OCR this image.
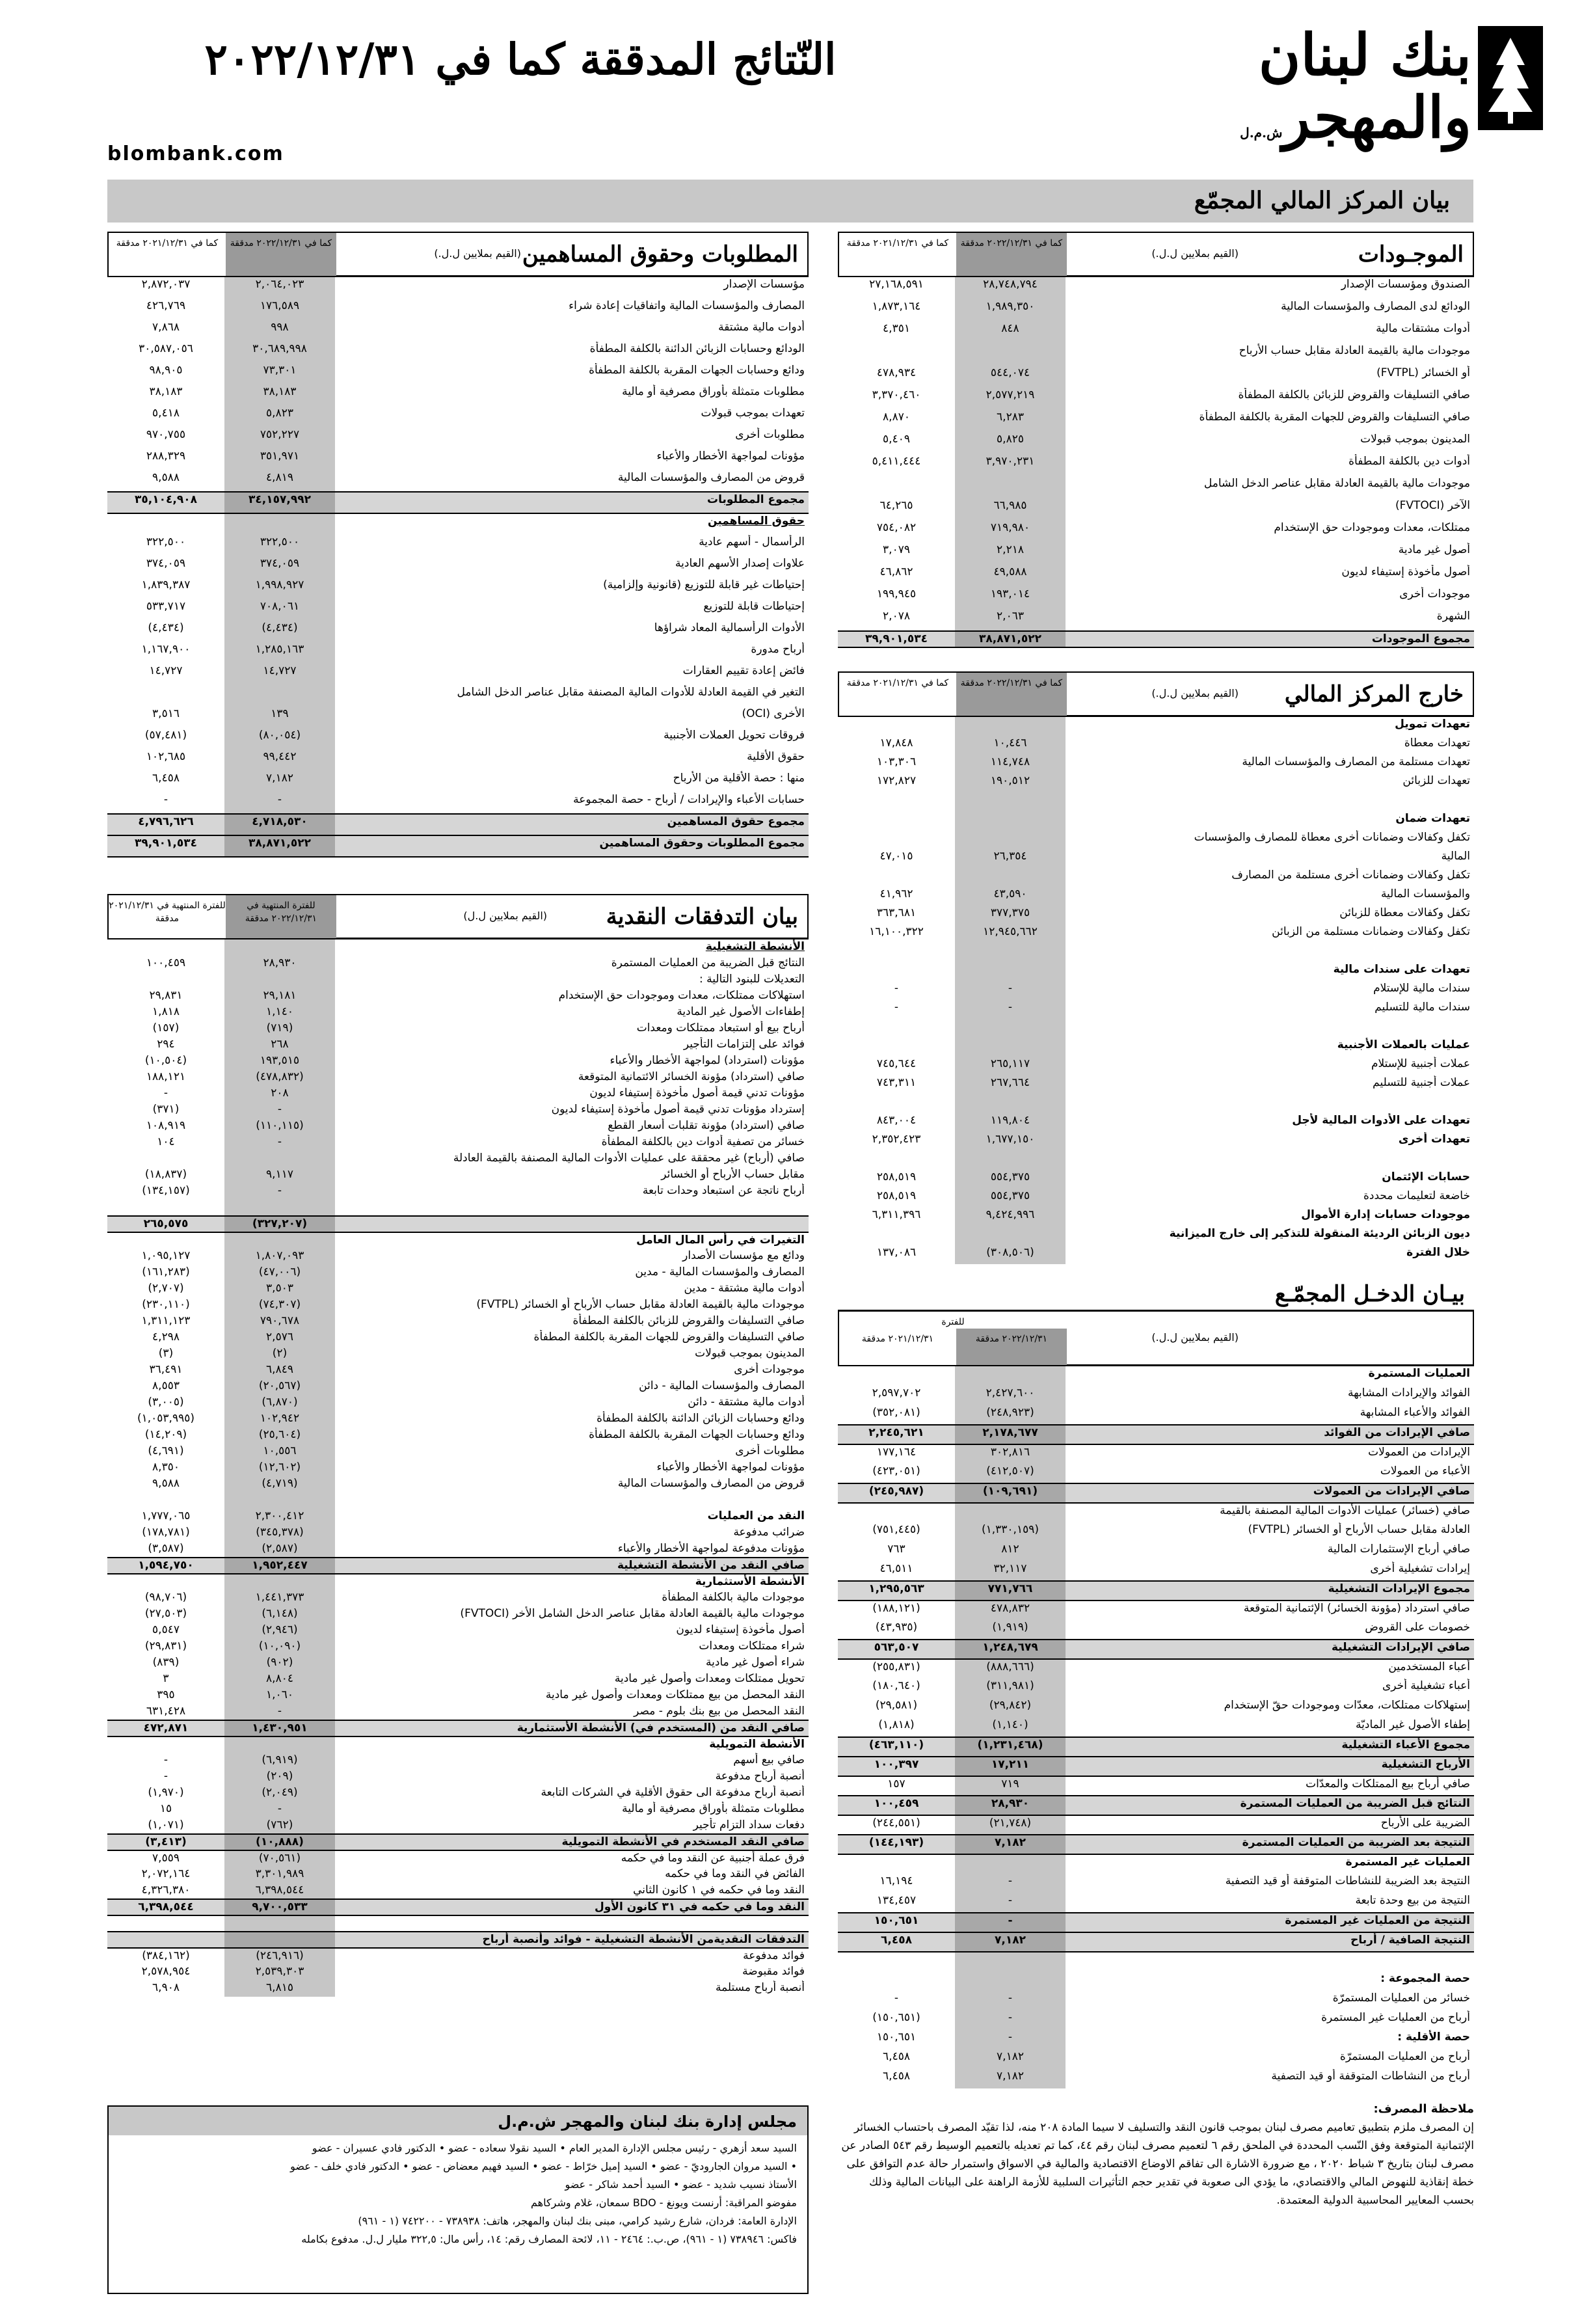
بنك لبنان
والمهجرش.م.ل
النّتائج المدققة كما في ٢٠٢٢/١٢/٣١
blombank.com
بيان المركز المالي المجمّع
الموجـودات
(القيم بملايين ل.ل.)
كما في ٢٠٢٢/١٢/٣١ مدققة
كما في ٢٠٢١/١٢/٣١ مدققة
الصندوق ومؤسسات الإصدار	٢٨,٧٤٨,٧٩٤	٢٧,١٦٨,٥٩١
الودائع لدى المصارف والمؤسسات المالية	١,٩٨٩,٣٥٠	١,٨٧٣,١٦٤
أدوات مشتقات مالية	٨٤٨	٤,٣٥١
موجودات مالية بالقيمة العادلة مقابل حساب الأرباح		
أو الخسائر (FVTPL)	٥٤٤,٠٧٤	٤٧٨,٩٣٤
صافي التسليفات والقروض للزبائن بالكلفة المطفأة	٢,٥٧٧,٢١٩	٣,٣٧٠,٤٦٠
صافي التسليفات والقروض للجهات المقربة بالكلفة المطفأة	٦,٢٨٣	٨,٨٧٠
المدينون بموجب قبولات	٥,٨٢٥	٥,٤٠٩
أدوات دين بالكلفة المطفأة	٣,٩٧٠,٢٣١	٥,٤١١,٤٤٤
موجودات مالية بالقيمة العادلة مقابل عناصر الدخل الشامل		
الآخر (FVTOCI)	٦٦,٩٨٥	٦٤,٢٦٥
ممتلكات، معدات وموجودات حق الإستخدام	٧١٩,٩٨٠	٧٥٤,٠٨٢
أصول غير مادية	٢,٢١٨	٣,٠٧٩
أصول مأخوذة إستيفاء لديون	٤٩,٥٨٨	٤٦,٨٦٢
موجودات أخرى	١٩٣,٠١٤	١٩٩,٩٤٥
الشهرة	٢,٠٦٣	٢,٠٧٨
مجموع الموجودات	٣٨,٨٧١,٥٢٢	٣٩,٩٠١,٥٣٤
خارج المركز المالي
(القيم بملايين ل.ل.)
كما في ٢٠٢٢/١٢/٣١ مدققة
كما في ٢٠٢١/١٢/٣١ مدققة
تعهدات تمويل		
تعهدات معطاة	١٠,٤٤٦	١٧,٨٤٨
تعهدات مستلمة من المصارف والمؤسسات المالية	١١٤,٧٤٨	١٠٣,٣٠٦
تعهدات للزبائن	١٩٠,٥١٢	١٧٢,٨٢٧

تعهدات ضمان		
تكفل وكفالات وضمانات أخرى معطاة للمصارف والمؤسسات		
المالية	٢٦,٣٥٤	٤٧,٠١٥
تكفل وكفالات وضمانات أخرى مستلمة من المصارف		
والمؤسسات المالية	٤٣,٥٩٠	٤١,٩٦٢
تكفل وكفالات معطاة للزبائن	٣٧٧,٣٧٥	٣٦٣,٦٨١
تكفل وكفالات وضمانات مستلمة من الزبائن	١٢,٩٤٥,٦٦٢	١٦,١٠٠,٣٢٢

تعهدات على سندات مالية		
سندات مالية للإستلام	-	-
سندات مالية للتسليم	-	-

عمليات بالعملات الأجنبية		
عملات أجنبية للإستلام	٢٦٥,١١٧	٧٤٥,٦٤٤
عملات أجنبية للتسليم	٢٦٧,٦٦٤	٧٤٣,٣١١

تعهدات على الأدوات المالية لأجل	١١٩,٨٠٤	٨٤٣,٠٠٤
تعهدات أخرى	١,٦٧٧,١٥٠	٢,٣٥٢,٤٢٣

حسابات الإئتمان	٥٥٤,٣٧٥	٢٥٨,٥١٩
خاضعة لتعليمات محددة	٥٥٤,٣٧٥	٢٥٨,٥١٩
موجودات حسابات إدارة الأموال	٩,٤٢٤,٩٩٦	٦,٣١١,٣٩٦
ديون الزبائن الرديئة المنقولة للتذكير إلى خارج الميزانية		
خلال الفترة	(٣٠٨,٥٠٦)	١٣٧,٠٨٦
بيـان الدخـل المجمّـع
(القيم بملايين ل.ل.)
للفترة
٢٠٢٢/١٢/٣١ مدققة
٢٠٢١/١٢/٣١ مدققة
العمليات المستمرة		
الفوائد والإيرادات المشابهة	٢,٤٢٧,٦٠٠	٢,٥٩٧,٧٠٢
الفوائد والأعباء المشابهة	(٢٤٨,٩٢٣)	(٣٥٢,٠٨١)
صافي الإيرادات من الفوائد	٢,١٧٨,٦٧٧	٢,٢٤٥,٦٢١
الإيرادات من العمولات	٣٠٢,٨١٦	١٧٧,١٦٤
الأعباء من العمولات	(٤١٢,٥٠٧)	(٤٢٣,٠٥١)
صافي الإيرادات من العمولات	(١٠٩,٦٩١)	(٢٤٥,٩٨٧)
صافي (خسائر) عمليات الأدوات المالية المصنفة بالقيمة		
العادلة مقابل حساب الأرباح أو الخسائر (FVTPL)	(١,٣٣٠,١٥٩)	(٧٥١,٤٤٥)
صافي أرباح الإستثمارات المالية	٨١٢	٧٦٣
إيرادات تشغيلية أخرى	٣٢,١١٧	٤٦,٥١١
مجموع الإيرادات التشغيلية	٧٧١,٧٦٦	١,٢٩٥,٥٦٣
صافي استرداد (مؤونة الخسائر) الإئتمانية المتوقعة	٤٧٨,٨٣٢	(١٨٨,١٢١)
خصومات على القروض	(١,٩١٩)	(٤٣,٩٣٥)
صافي الإيرادات التشغيلية	١,٢٤٨,٦٧٩	٥٦٣,٥٠٧
أعباء المستخدمين	(٨٨٨,٦٦٦)	(٢٥٥,٨٣١)
أعباء تشغيلية أخرى	(٣١١,٩٨١)	(١٨٠,٦٤٠)
إستهلاكات ممتلكات، معدّات وموجودات حقّ الإستخدام	(٢٩,٨٤٢)	(٢٩,٥٨١)
إطفاء الأصول غير الماديّة	(١,١٤٠)	(١,٨١٨)
مجموع الأعباء التشغيلية	(١,٢٣١,٤٦٨)	(٤٦٣,١١٠)
الأرباح التشغيلية	١٧,٢١١	١٠٠,٣٩٧
صافي أرباح بيع الممتلكات والمعدّات	٧١٩	١٥٧
النتائج قبل الضريبة من العمليات المستمرة	٢٨,٩٣٠	١٠٠,٤٥٩
الضريبة على الأرباح	(٢١,٧٤٨)	(٢٤٤,٥٥١)
النتيجة بعد الضريبة من العمليات المستمرة	٧,١٨٢	(١٤٤,١٩٣)
العمليات غير المستمرة		
النتيجة بعد الضريبة للنشاطات المتوقفة أو قيد التصفية	-	١٦,١٩٤
النتيجة من بيع وحدة تابعة	-	١٣٤,٤٥٧
النتيجة من العمليات غير المستمرة	-	١٥٠,٦٥١
النتيجة الصافية / أرباح	٧,١٨٢	٦,٤٥٨

حصة المجموعة :		
خسائر من العمليات المستمرّة	-	-
أرباح من العمليات غير المستمرة	-	(١٥٠,٦٥١)
حصة الأقلية :	-	١٥٠,٦٥١
أرباح من العمليات المستمرّة	٧,١٨٢	٦,٤٥٨
أرباح من النشاطات المتوقفة أو قيد التصفية	٧,١٨٢	٦,٤٥٨
المطلوبات وحقوق المساهمين
(القيم بملايين ل.ل.)
كما في ٢٠٢٢/١٢/٣١ مدققة
كما في ٢٠٢١/١٢/٣١ مدققة
مؤسسات الإصدار	٢,٠٦٤,٠٢٣	٢,٨٧٢,٠٣٧
المصارف والمؤسسات المالية واتفاقيات إعادة شراء	١٧٦,٥٨٩	٤٢٦,٧٦٩
أدوات مالية مشتقة	٩٩٨	٧,٨٦٨
الودائع وحسابات الزبائن الدائنة بالكلفة المطفأة	٣٠,٦٨٩,٩٩٨	٣٠,٥٨٧,٠٥٦
ودائع وحسابات الجهات المقربة بالكلفة المطفأة	٧٣,٣٠١	٩٨,٩٠٥
مطلوبات متمثلة بأوراق مصرفية أو مالية	٣٨,١٨٣	٣٨,١٨٣
تعهدات بموجب قبولات	٥,٨٢٣	٥,٤١٨
مطلوبات أخرى	٧٥٢,٢٢٧	٩٧٠,٧٥٥
مؤونات لمواجهة الأخطار والأعباء	٣٥١,٩٧١	٢٨٨,٣٢٩
قروض من المصارف والمؤسسات المالية	٤,٨١٩	٩,٥٨٨
مجموع المطلوبات	٣٤,١٥٧,٩٩٢	٣٥,١٠٤,٩٠٨
حقوق المساهمين		
الرأسمال - أسهم عادية	٣٢٢,٥٠٠	٣٢٢,٥٠٠
علاوات إصدار الأسهم العادية	٣٧٤,٠٥٩	٣٧٤,٠٥٩
إحتياطات غير قابلة للتوزيع (قانونية وإلزامية)	١,٩٩٨,٩٢٧	١,٨٣٩,٣٨٧
إحتياطات قابلة للتوزيع	٧٠٨,٠٦١	٥٣٣,٧١٧
الأدوات الرأسمالية المعاد شراؤها	(٤,٤٣٤)	(٤,٤٣٤)
أرباح مدورة	١,٢٨٥,١٦٣	١,١٦٧,٩٠٠
فائض إعادة تقييم العقارات	١٤,٧٢٧	١٤,٧٢٧
التغير في القيمة العادلة للأدوات المالية المصنفة مقابل عناصر الدخل الشامل		
الأخرى (OCI)	١٣٩	٣,٥١٦
فروقات تحويل العملات الأجنبية	(٨٠,٠٥٤)	(٥٧,٤٨١)
حقوق الأقلية	٩٩,٤٤٢	١٠٢,٦٨٥
منها : حصة الأقلية من الأرباح	٧,١٨٢	٦,٤٥٨
حسابات الأعباء والإيرادات / أرباح - حصة المجموعة	-	-
مجموع حقوق المساهمين	٤,٧١٨,٥٣٠	٤,٧٩٦,٦٢٦
مجموع المطلوبات وحقوق المساهمين	٣٨,٨٧١,٥٢٢	٣٩,٩٠١,٥٣٤
بيان التدفقات النقدية
(القيم بملايين ل.ل)
للفترة المنتهية في ٢٠٢٢/١٢/٣١ مدققة
للفترة المنتهية في ٢٠٢١/١٢/٣١ مدققة
الأنشطة التشغيلية		
النتائج قبل الضريبة من العمليات المستمرة	٢٨,٩٣٠	١٠٠,٤٥٩
التعديلات للبنود التالية :		
استهلاكات ممتلكات، معدات وموجودات حق الإستخدام	٢٩,١٨١	٢٩,٨٣١
إطفاءات الأصول غير المادية	١,١٤٠	١,٨١٨
أرباح بيع أو استبعاد ممتلكات ومعدات	(٧١٩)	(١٥٧)
فوائد على إلتزامات التأجير	٢٦٨	٢٩٤
مؤونات (استرداد) لمواجهة الأخطار والأعباء	١٩٣,٥١٥	(١٠,٥٠٤)
صافي (استرداد) مؤونة الخسائر الائتمانية المتوقعة	(٤٧٨,٨٣٢)	١٨٨,١٢١
مؤونات تدني قيمة أصول مأخوذة إستيفاء لديون	٢٠٨	-
إسترداد مؤونات تدني قيمة أصول مأخوذة إستيفاء لديون	-	(٣٧١)
صافي (استرداد) مؤونة تقلبات أسعار القطع	(١١٠,١١٥)	١٠٨,٩١٩
خسائر من تصفية أدوات دين بالكلفة المطفأة	-	١٠٤
صافي (أرباح) غير محققة على عمليات الأدوات المالية المصنفة بالقيمة العادلة		
مقابل حساب الأرباح أو الخسائر	٩,١١٧	(١٨,٨٣٧)
أرباح ناتجة عن استبعاد وحدات تابعة	-	(١٣٤,١٥٧)

	(٣٢٧,٢٠٧)	٢٦٥,٥٧٥
التغيرات في رأس المال العامل		
ودائع مع مؤسسات الأصدار	١,٨٠٧,٠٩٣	١,٠٩٥,١٢٧
المصارف والمؤسسات المالية - مدين	(٤٧,٠٠٦)	(١٦١,٢٨٣)
أدوات مالية مشتقة - مدين	٣,٥٠٣	(٢,٧٠٧)
موجودات مالية بالقيمة العادلة مقابل حساب الأرباح أو الخسائر (FVTPL)	(٧٤,٣٠٧)	(٢٣٠,١١٠)
صافي التسليفات والقروض للزبائن بالكلفة المطفأة	٧٩٠,٦٧٨	١,٣١١,١٢٣
صافي التسليفات والقروض للجهات المقربة بالكلفة المطفأة	٢,٥٧٦	٤,٢٩٨
المدينون بموجب قبولات	(٢)	(٣)
موجودات أخرى	٦,٨٤٩	٣٦,٤٩١
المصارف والمؤسسات المالية - دائن	(٢٠,٥٦٧)	٨,٥٥٣
أدوات مالية مشتقة - دائن	(٦,٨٧٠)	(٣,٠٠٥)
ودائع وحسابات الزبائن الدائنة بالكلفة المطفأة	١٠٢,٩٤٢	(١,٠٥٣,٩٩٥)
ودائع وحسابات الجهات المقربة بالكلفة المطفأة	(٢٥,٦٠٤)	(١٤,٢٠٩)
مطلوبات أخرى	١٠,٥٥٦	(٤,٦٩١)
مؤونات لمواجهة الأخطار والأعباء	(١٢,٦٠٢)	٨,٣٥٠
قروض من المصارف والمؤسسات المالية	(٤,٧١٩)	٩,٥٨٨

النقد من العمليات	٢,٣٠٠,٤١٢	١,٧٧٧,٠٦٥
ضرائب مدفوعة	(٣٤٥,٣٧٨)	(١٧٨,٧٨١)
مؤونات مدفوعة لمواجهة الأخطار والأعباء	(٢,٥٨٧)	(٣,٥٨٧)
صافي النقد من الأنشطة التشغيلية	١,٩٥٢,٤٤٧	١,٥٩٤,٧٥٠
الأنشطة الأستثمارية		
موجودات مالية بالكلفة المطفأة	١,٤٤١,٣٧٣	(٩٨,٧٠٦)
موجودات مالية بالقيمة العادلة مقابل عناصر الدخل الشامل الأخر (FVTOCI)	(٦,١٤٨)	(٢٧,٥٠٣)
أصول مأخوذة إستيفاء لديون	(٢,٩٤٦)	٥,٥٤٧
شراء ممتلكات ومعدات	(١٠,٠٩٠)	(٢٩,٨٣١)
شراء أصول غير مادية	(٩٠٢)	(٨٣٩)
تحويل ممتلكات ومعدات وأصول غير مادية	٨,٨٠٤	٣
النقد المحصل من بيع ممتلكات ومعدات وأصول غير مادية	١,٠٦٠	٣٩٥
النقد المحصل من بيع بنك بلوم - مصر	-	٦٣١,٤٢٨
صافي النقد من (المستخدم في) الأنشطة الأستثمارية	١,٤٣٠,٩٥١	٤٧٢,٨٧١
الأنشطة التمويلية		
صافي بيع أسهم	(٦,٩١٩)	-
أنصبة أرباح مدفوعة	(٢٠٩)	-
أنصبة أرباح مدفوعة الى حقوق الأقلية في الشركات التابعة	(٢,٠٤٩)	(١,٩٧٠)
مطلوبات متمثلة بأوراق مصرفية أو مالية	-	١٥
دفعات سداد التزام تأجير	(٧٦٢)	(١,٠٧١)
صافي النقد المستخدم في الأنشطة التمويلية	(١٠,٨٨٨)	(٣,٤١٣)
فرق عملة أجنبية عن النقد وما في حكمه	(٧٠,٥٦١)	٧,٥٥٩
الفائض في النقد وما في حكمه	٣,٣٠١,٩٨٩	٢,٠٧٢,١٦٤
النقد وما في حكمه في ١ كانون الثاني	٦,٣٩٨,٥٤٤	٤,٣٢٦,٣٨٠
النقد وما في حكمه في ٣١ كانون الأول	٩,٧٠٠,٥٣٣	٦,٣٩٨,٥٤٤

التدفقات النقديةمن الأنشطة التشغيلية - فوائد وأنصبة أرباح		
فوائد مدفوعة	(٢٤٦,٩١٦)	(٣٨٤,١٦٢)
فوائد مقبوضة	٢,٥٣٩,٣٠٣	٢,٥٧٨,٩٥٤
أنصبة أرباح مستلمة	٦,٨١٥	٦,٩٠٨
ملاحظة المصرف:
إن المصرف ملزم بتطبيق تعاميم مصرف لبنان بموجب قانون النقد والتسليف لا سيما المادة ٢٠٨ منه، لذا تقيّد المصرف باحتساب الخسائر الإئتمانية المتوقعة وفق النّسب المحددة في الملحق رقم ٦ لتعميم مصرف لبنان رقم ٤٤، كما تم تعديله بالتعميم الوسيط رقم ٥٤٣ الصادر عن مصرف لبنان بتاريخ ٣ شباط ٢٠٢٠ ، مع ضرورة الاشارة الى تفاقم الاوضاع الاقتصادية والمالية في الاسواق واستمرار حالة عدم التوافق على خطة إنقاذية للنهوض المالي والاقتصادي، ما يؤدي الى صعوبة في تقدير حجم التأثيرات السلبية للأزمة الراهنة على البيانات المالية وذلك بحسب المعايير المحاسبية الدولية المعتمدة.
مجلس إدارة بنك لبنان والمهجر ش.م.ل
السيد سعد أزهري - رئيس مجلس الإدارة المدير العام • السيد نقولا سعاده - عضو • الدكتور فادي عسيران - عضو
• السيد مروان الجاروديّ - عضو • السيد إميل خرّاط - عضو • السيد فهيم معضاض - عضو • الدكتور فادي خلف - عضو
الأستاذ نسيب شديد - عضو • السيد أحمد شاكر - عضو
مفوضو المراقبة: أرنست ويونغ - BDO سمعان، غلام وشركاهم
الإدارة العامة: فردان، شارع رشيد كرامي، مبنى بنك لبنان والمهجر، هاتف: ٧٣٨٩٣٨ - ٧٤٢٢٠٠ (١ - ٩٦١)
فاكس: ٧٣٨٩٤٦ (١ - ٩٦١)، ص.ب.: ٢٤٦٤ - ١١، لائحة المصارف رقم: ١٤، رأس مال: ٣٢٢,٥ مليار ل.ل. مدفوع بكامله
